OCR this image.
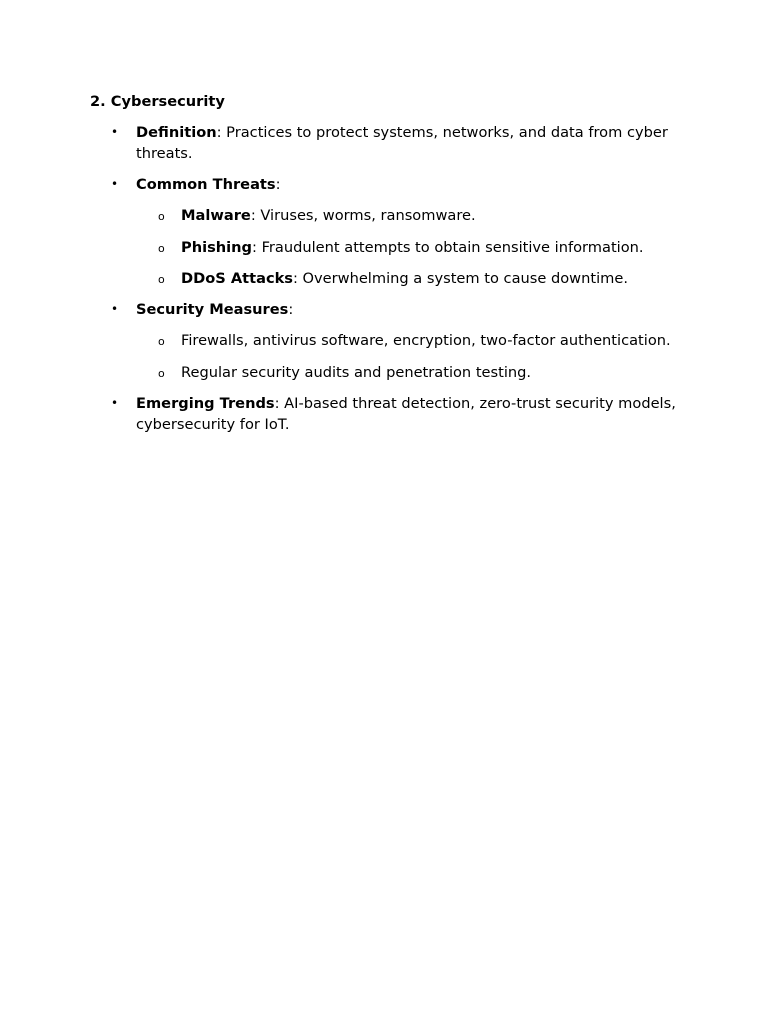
2. Cybersecurity
• Definition: Practices to protect systems, networks, and data from cyber threats.
• Common Threats:
o Malware: Viruses, worms, ransomware.
o Phishing: Fraudulent attempts to obtain sensitive information.
o DDoS Attacks: Overwhelming a system to cause downtime.
• Security Measures:
o Firewalls, antivirus software, encryption, two-factor authentication.
o Regular security audits and penetration testing.
• Emerging Trends: AI-based threat detection, zero-trust security models, cybersecurity for IoT.
